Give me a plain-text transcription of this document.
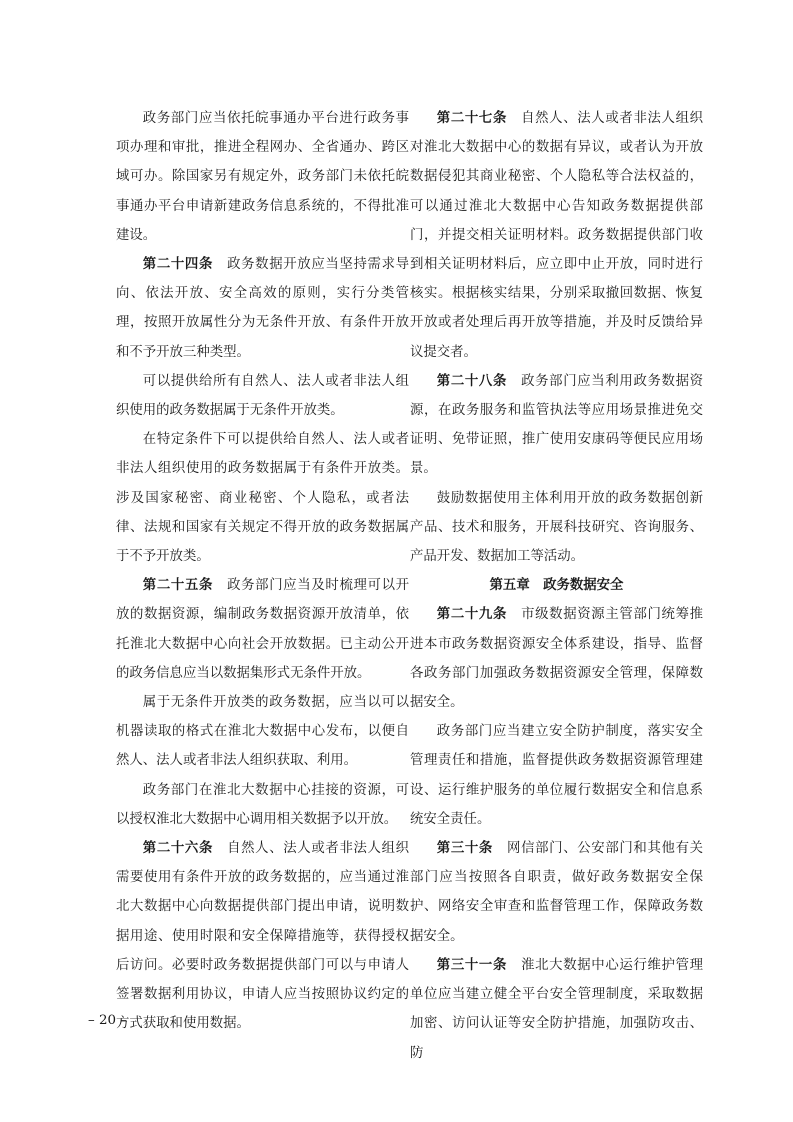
政务部门应当依托皖事通办平台进行政务事项办理和审批，推进全程网办、全省通办、跨区域可办。除国家另有规定外，政务部门未依托皖事通办平台申请新建政务信息系统的，不得批准建设。

第二十四条 政务数据开放应当坚持需求导向、依法开放、安全高效的原则，实行分类管理，按照开放属性分为无条件开放、有条件开放和不予开放三种类型。

可以提供给所有自然人、法人或者非法人组织使用的政务数据属于无条件开放类。

在特定条件下可以提供给自然人、法人或者非法人组织使用的政务数据属于有条件开放类。涉及国家秘密、商业秘密、个人隐私，或者法律、法规和国家有关规定不得开放的政务数据属于不予开放类。

第二十五条 政务部门应当及时梳理可以开放的数据资源，编制政务数据资源开放清单，依托淮北大数据中心向社会开放数据。已主动公开的政务信息应当以数据集形式无条件开放。

属于无条件开放类的政务数据，应当以可以机器读取的格式在淮北大数据中心发布，以便自然人、法人或者非法人组织获取、利用。

政务部门在淮北大数据中心挂接的资源，可以授权淮北大数据中心调用相关数据予以开放。

第二十六条 自然人、法人或者非法人组织需要使用有条件开放的政务数据的，应当通过淮北大数据中心向数据提供部门提出申请，说明数据用途、使用时限和安全保障措施等，获得授权后访问。必要时政务数据提供部门可以与申请人签署数据利用协议，申请人应当按照协议约定的方式获取和使用数据。

第二十七条 自然人、法人或者非法人组织对淮北大数据中心的数据有异议，或者认为开放数据侵犯其商业秘密、个人隐私等合法权益的，可以通过淮北大数据中心告知政务数据提供部门，并提交相关证明材料。政务数据提供部门收到相关证明材料后，应立即中止开放，同时进行核实。根据核实结果，分别采取撤回数据、恢复开放或者处理后再开放等措施，并及时反馈给异议提交者。

第二十八条 政务部门应当利用政务数据资源，在政务服务和监管执法等应用场景推进免交证明、免带证照，推广使用安康码等便民应用场景。

鼓励数据使用主体利用开放的政务数据创新产品、技术和服务，开展科技研究、咨询服务、产品开发、数据加工等活动。

第五章　政务数据安全

第二十九条 市级数据资源主管部门统筹推进本市政务数据资源安全体系建设，指导、监督各政务部门加强政务数据资源安全管理，保障数据安全。

政务部门应当建立安全防护制度，落实安全管理责任和措施，监督提供政务数据资源管理建设、运行维护服务的单位履行数据安全和信息系统安全责任。

第三十条 网信部门、公安部门和其他有关部门应当按照各自职责，做好政务数据安全保护、网络安全审查和监督管理工作，保障政务数据安全。

第三十一条 淮北大数据中心运行维护管理单位应当建立健全平台安全管理制度，采取数据加密、访问认证等安全防护措施，加强防攻击、防

– 20 –
